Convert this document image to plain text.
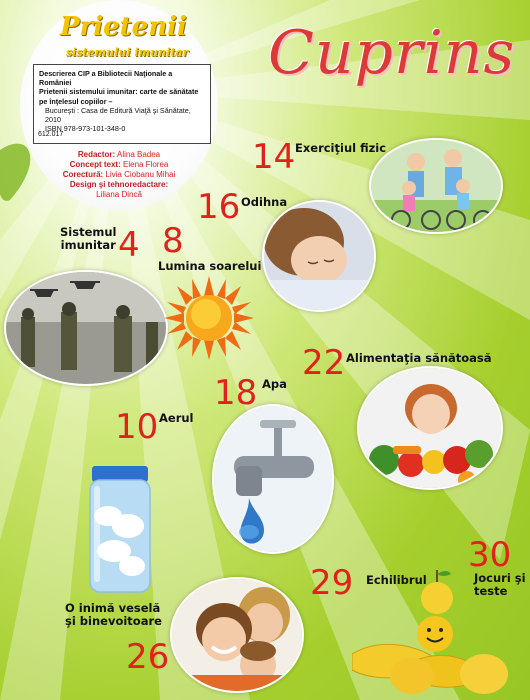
Prietenii
sistemului imunitar
Descrierea CIP a Bibliotecii Naţionale a României
Prietenii sistemului imunitar: carte de sănătate
pe înţelesul copiilor –
Bucureşti : Casa de Editură Viaţă şi Sănătate, 2010
ISBN 978-973-101-348-0
612.017
Redactor: Alina Badea
Concept text: Elena Florea
Corectură: Livia Ciobanu Mihai
Design şi tehnoredactare:
Liliana Dincă
Cuprins
14 Exerciţiul fizic
16 Odihna
Sistemul
imunitar 4 8
Lumina soarelui
22 Alimentaţia sănătoasă
18 Apa
10 Aerul
30
Jocuri şi
teste
29 Echilibrul
O inimă veselă
şi binevoitoare
26
